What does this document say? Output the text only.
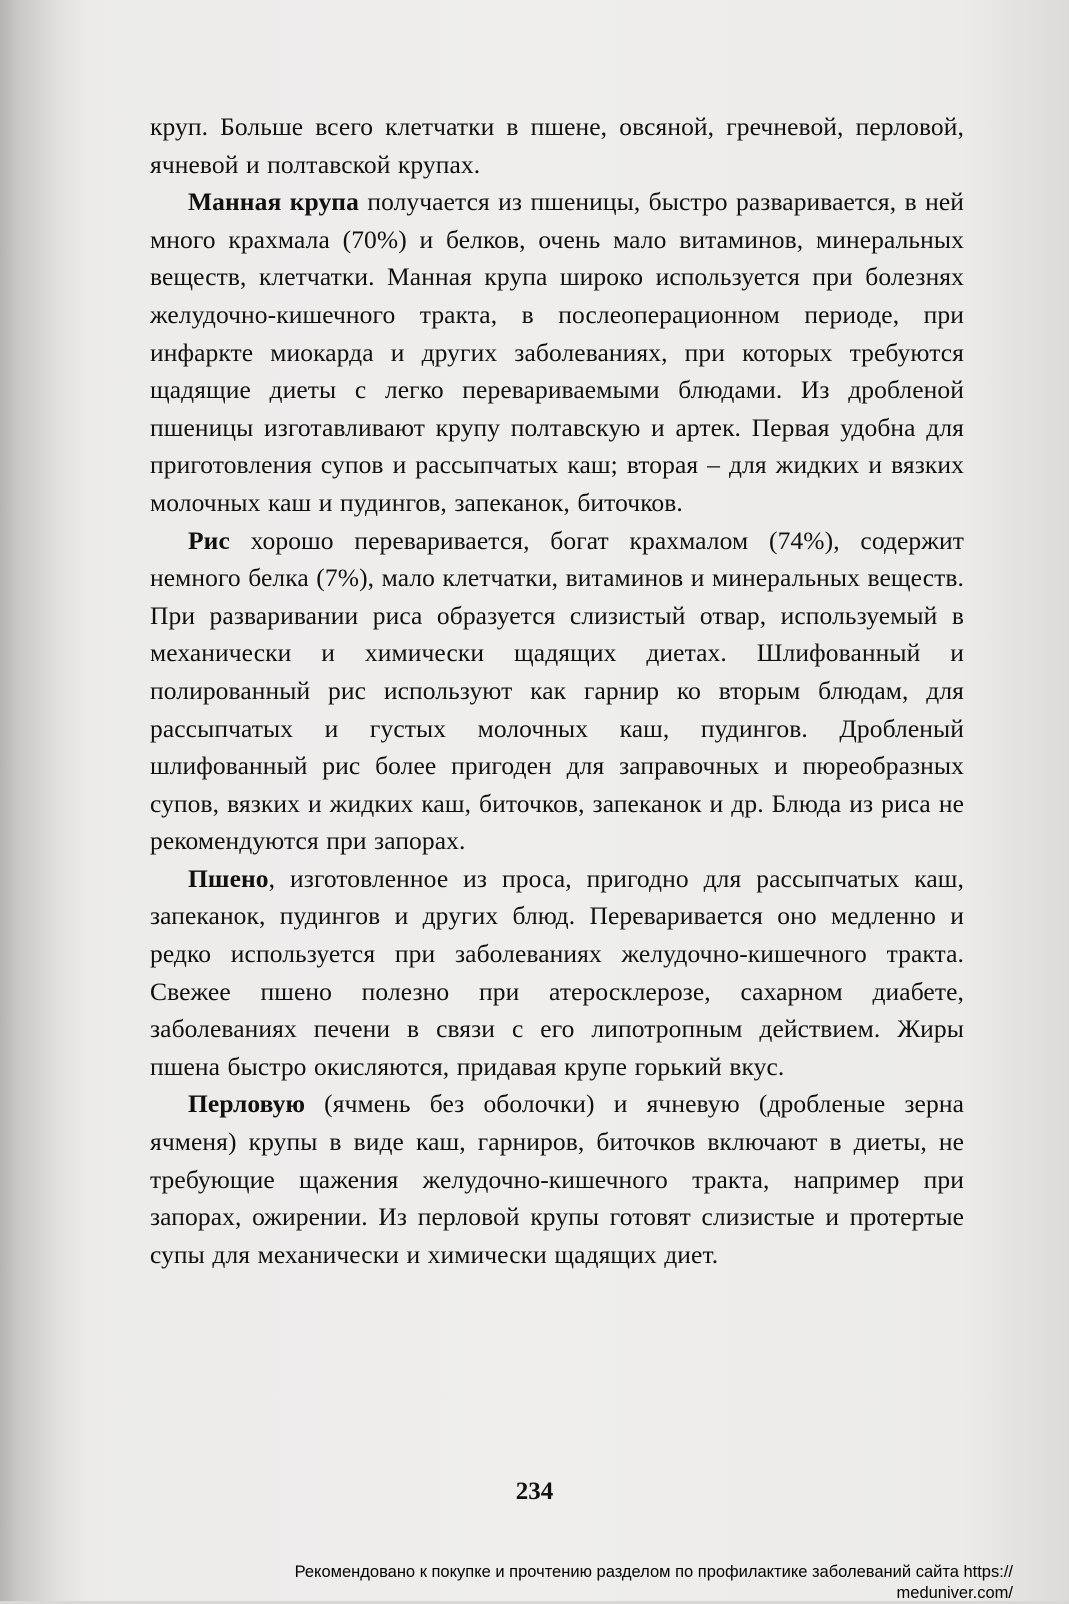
круп. Больше всего клетчатки в пшене, овсяной, гречневой, перловой, ячневой и полтавской крупах.

Манная крупа получается из пшеницы, быстро разваривается, в ней много крахмала (70%) и белков, очень мало витаминов, минеральных веществ, клетчатки. Манная крупа широко используется при болезнях желудочно-кишечного тракта, в послеоперационном периоде, при инфаркте миокарда и других заболеваниях, при которых требуются щадящие диеты с легко перевариваемыми блюдами. Из дробленой пшеницы изготавливают крупу полтавскую и артек. Первая удобна для приготовления супов и рассыпчатых каш; вторая – для жидких и вязких молочных каш и пудингов, запеканок, биточков.

Рис хорошо переваривается, богат крахмалом (74%), содержит немного белка (7%), мало клетчатки, витаминов и минеральных веществ. При разваривании риса образуется слизистый отвар, используемый в механически и химически щадящих диетах. Шлифованный и полированный рис используют как гарнир ко вторым блюдам, для рассыпчатых и густых молочных каш, пудингов. Дробленый шлифованный рис более пригоден для заправочных и пюреобразных супов, вязких и жидких каш, биточков, запеканок и др. Блюда из риса не рекомендуются при запорах.

Пшено, изготовленное из проса, пригодно для рассыпчатых каш, запеканок, пудингов и других блюд. Переваривается оно медленно и редко используется при заболеваниях желудочно-кишечного тракта. Свежее пшено полезно при атеросклерозе, сахарном диабете, заболеваниях печени в связи с его липотропным действием. Жиры пшена быстро окисляются, придавая крупе горький вкус.

Перловую (ячмень без оболочки) и ячневую (дробленые зерна ячменя) крупы в виде каш, гарниров, биточков включают в диеты, не требующие щажения желудочно-кишечного тракта, например при запорах, ожирении. Из перловой крупы готовят слизистые и протертые супы для механически и химически щадящих диет.

234
Рекомендовано к покупке и прочтению разделом по профилактике заболеваний сайта https://
meduniver.com/
